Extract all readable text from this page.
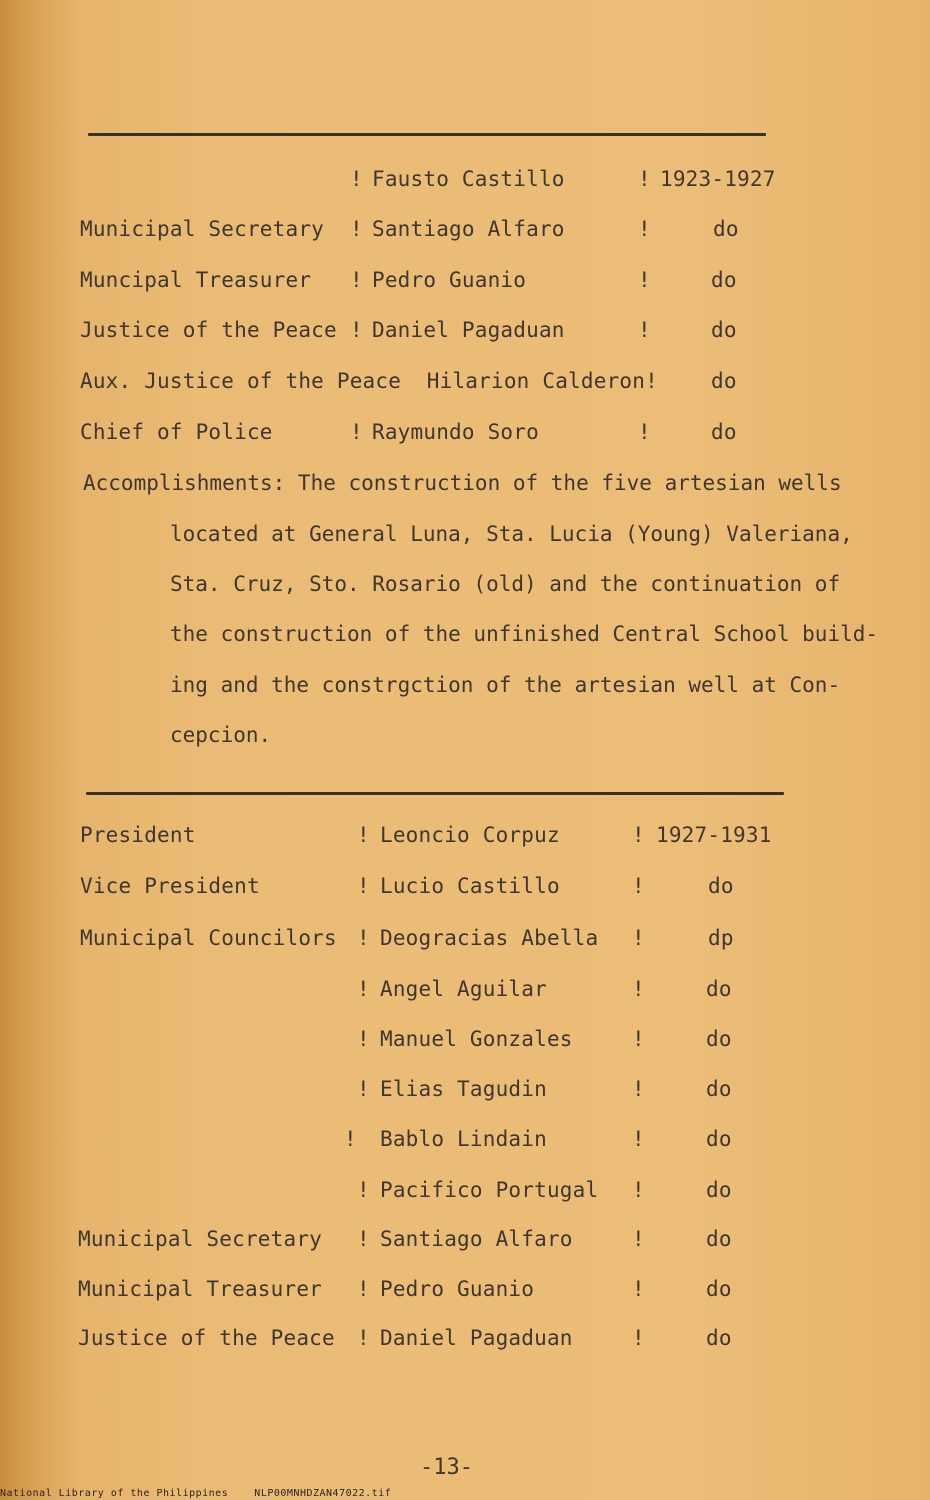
! Fausto Castillo	! 1923-1927
Municipal Secretary ! Santiago Alfaro	!	do
Muncipal Treasurer ! Pedro Guanio	!	do
Justice of the Peace ! Daniel Pagaduan	!	do
Aux. Justice of the Peace  Hilarion Calderon!	do
Chief of Police	! Raymundo Soro	!	do
Accomplishments: The construction of the five artesian wells
located at General Luna, Sta. Lucia (Young) Valeriana,
Sta. Cruz, Sto. Rosario (old) and the continuation of
the construction of the unfinished Central School build-
ing and the constrgction of the artesian well at Con-
cepcion.
President	! Leoncio Corpuz	! 1927-1931
Vice President	! Lucio Castillo	!	do
Municipal Councilors ! Deogracias Abella !	dp
! Angel Aguilar	!	do
! Manuel Gonzales	!	do
! Elias Tagudin	!	do
! Bablo Lindain	!	do
! Pacifico Portugal !	do
Municipal Secretary ! Santiago Alfaro	!	do
Municipal Treasurer ! Pedro Guanio	!	do
Justice of the Peace ! Daniel Pagaduan	!	do
-13-
National Library of the Philippines    NLP00MNHDZAN47022.tif
